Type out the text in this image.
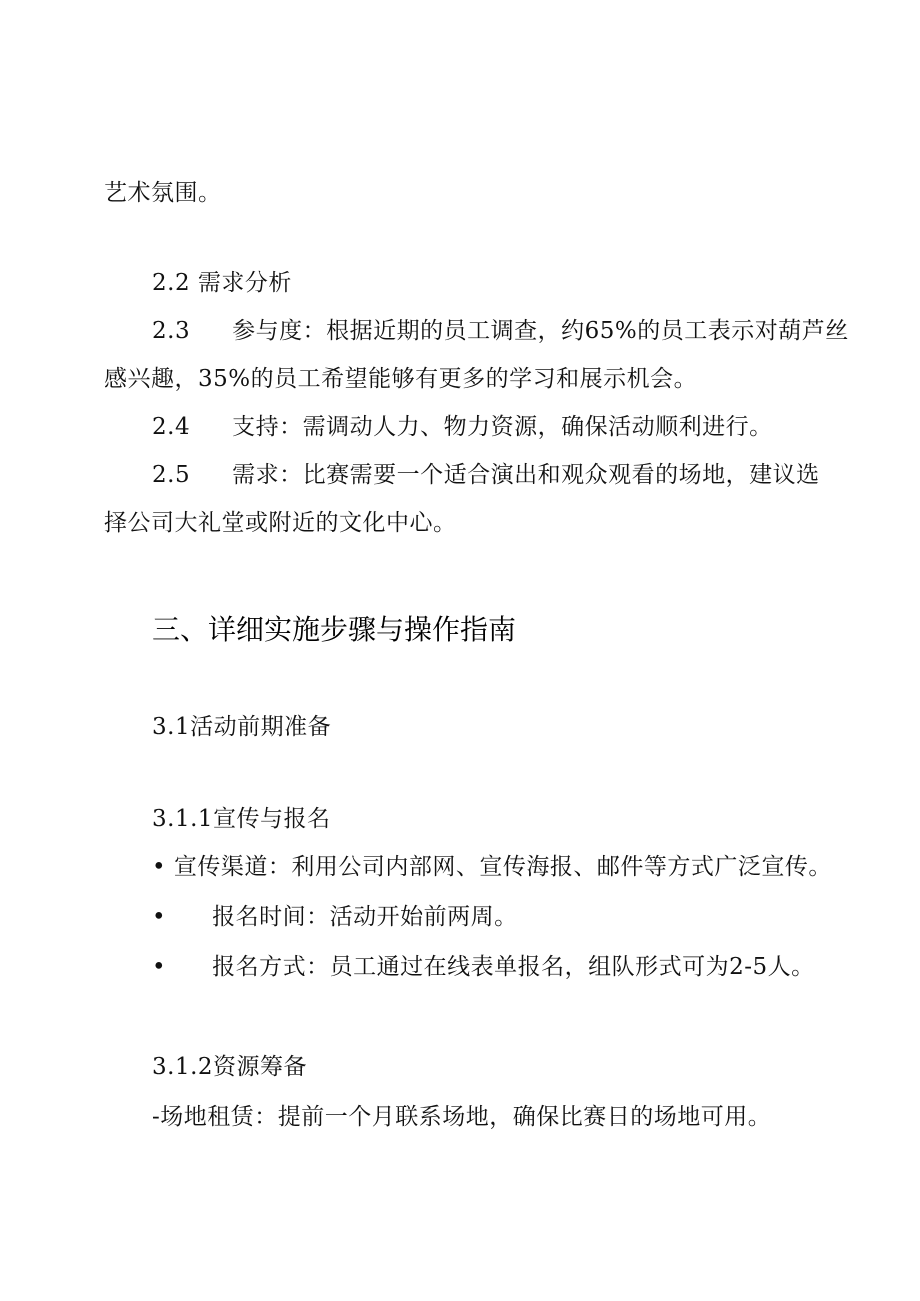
艺术氛围。
2.2 需求分析
2.3 参与度：根据近期的员工调查，约65%的员工表示对葫芦丝
感兴趣，35%的员工希望能够有更多的学习和展示机会。
2.4 支持：需调动人力、物力资源，确保活动顺利进行。
2.5 需求：比赛需要一个适合演出和观众观看的场地，建议选
择公司大礼堂或附近的文化中心。
三、详细实施步骤与操作指南
3.1活动前期准备
3.1.1宣传与报名
• 宣传渠道：利用公司内部网、宣传海报、邮件等方式广泛宣传。
• 报名时间：活动开始前两周。
• 报名方式：员工通过在线表单报名，组队形式可为2-5人。
3.1.2资源筹备
-场地租赁：提前一个月联系场地，确保比赛日的场地可用。
